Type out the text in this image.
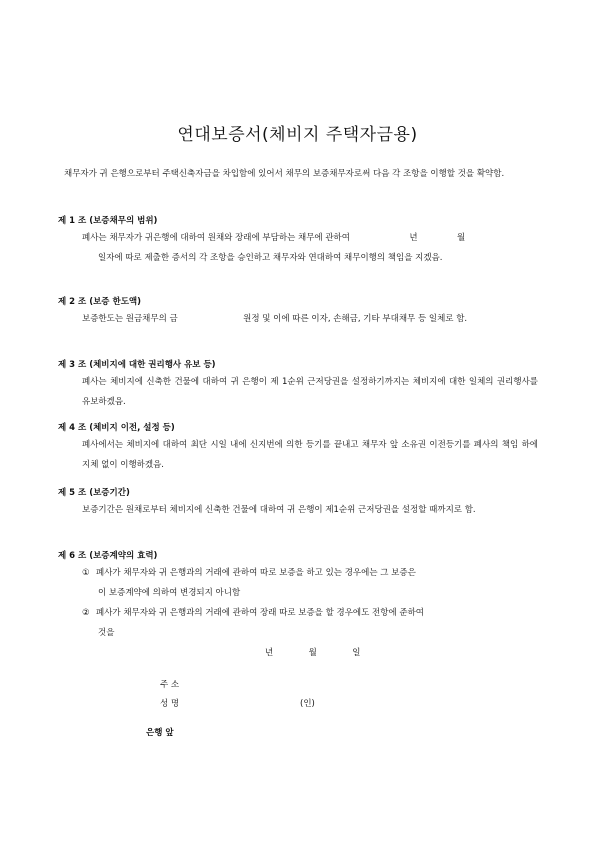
연대보증서(체비지 주택자금용)
채무자가 귀 은행으로부터 주택신축자금을 차입함에 있어서 채무의 보증채무자로써 다음 각 조항을 이행할 것을 확약함.
제 1 조 (보증채무의 범위)
폐사는 채무자가 귀은행에 대하여 원채와 장래에 부담하는 채무에 관하여	년	월
일자에 따로 제출한 증서의 각 조항을 승인하고 채무자와 연대하여 채무이행의 책임을 지겠음.
제 2 조 (보증 한도액)
보증한도는 원금채무의 금	원정 및 이에 따른 이자, 손해금, 기타 부대채무 등 일체로 함.
제 3 조 (체비지에 대한 권리행사 유보 등)
폐사는 체비지에 신축한 건물에 대하여 귀 은행이 제 1순위 근저당권을 설정하기까지는 체비지에 대한 일체의 권리행사를 유보하겠음.
제 4 조 (체비지 이전, 설정 등)
폐사에서는 체비지에 대하여 최단 시일 내에 신지번에 의한 등기를 끝내고 채무자 앞 소유권 이전등기를 폐사의 책임 하에 지체 없이 이행하겠음.
제 5 조 (보증기간)
보증기간은 원채로부터 체비지에 신축한 건물에 대하여 귀 은행이 제1순위 근저당권을 설정할 때까지로 함.
제 6 조 (보증계약의 효력)
① 폐사가 채무자와 귀 은행과의 거래에 관하여 따로 보증을 하고 있는 경우에는 그 보증은
이 보증계약에 의하여 변경되지 아니함
② 폐사가 채무자와 귀 은행과의 거래에 관하여 장래 따로 보증을 할 경우에도 전항에 준하여
것을
년	월	일
주 소
성 명	(인)
은행 앞
